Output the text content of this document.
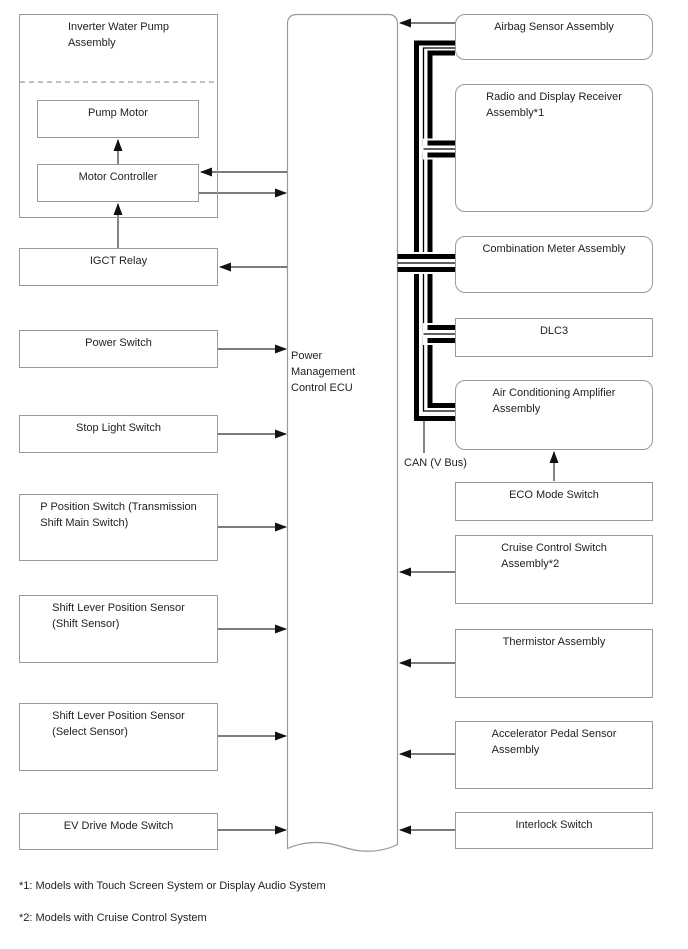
Inverter Water Pump
Assembly
Pump Motor
Motor Controller
IGCT Relay
Power Switch
Stop Light Switch
P Position Switch (Transmission
Shift Main Switch)
Shift Lever Position Sensor
(Shift Sensor)
Shift Lever Position Sensor
(Select Sensor)
EV Drive Mode Switch
Power
Management
Control ECU
Airbag Sensor Assembly
Radio and Display Receiver
Assembly*1
Combination Meter Assembly
DLC3
Air Conditioning Amplifier
Assembly
ECO Mode Switch
Cruise Control Switch
Assembly*2
Thermistor Assembly
Accelerator Pedal Sensor
Assembly
Interlock Switch
CAN (V Bus)
*1: Models with Touch Screen System or Display Audio System
*2: Models with Cruise Control System
